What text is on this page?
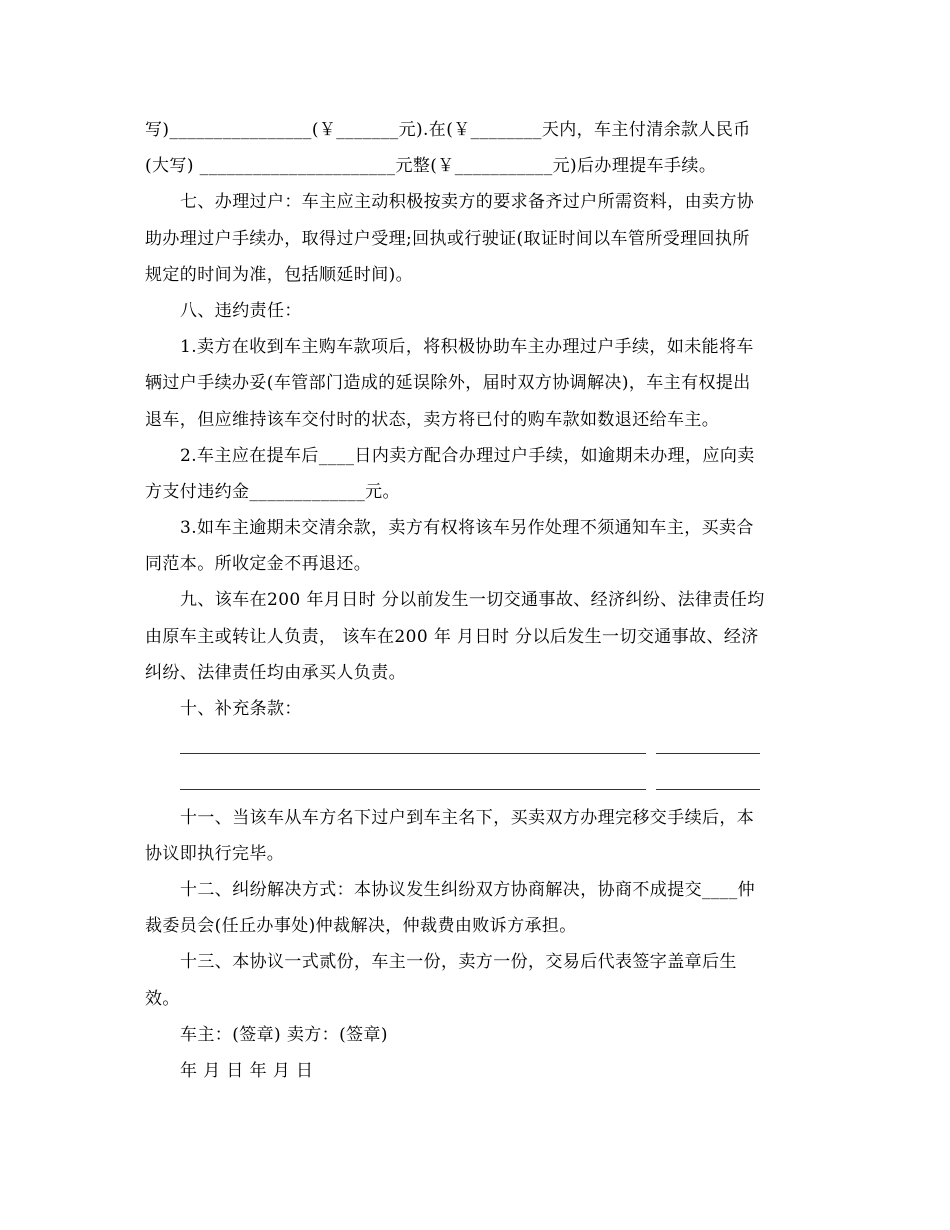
写)________________(￥_______元).在(￥________天内，车主付清余款人民币
(大写) ______________________元整(￥___________元)后办理提车手续。
七、办理过户：车主应主动积极按卖方的要求备齐过户所需资料，由卖方协
助办理过户手续办，取得过户受理;回执或行驶证(取证时间以车管所受理回执所
规定的时间为准，包括顺延时间)。
八、违约责任：
1.卖方在收到车主购车款项后，将积极协助车主办理过户手续，如未能将车
辆过户手续办妥(车管部门造成的延误除外，届时双方协调解决)，车主有权提出
退车，但应维持该车交付时的状态，卖方将已付的购车款如数退还给车主。
2.车主应在提车后____日内卖方配合办理过户手续，如逾期未办理，应向卖
方支付违约金_____________元。
3.如车主逾期未交清余款，卖方有权将该车另作处理不须通知车主，买卖合
同范本。所收定金不再退还。
九、该车在200 年月日时 分以前发生一切交通事故、经济纠纷、法律责任均
由原车主或转让人负责， 该车在200 年 月日时 分以后发生一切交通事故、经济
纠纷、法律责任均由承买人负责。
十、补充条款：
十一、当该车从车方名下过户到车主名下，买卖双方办理完移交手续后，本
协议即执行完毕。
十二、纠纷解决方式：本协议发生纠纷双方协商解决，协商不成提交____仲
裁委员会(任丘办事处)仲裁解决，仲裁费由败诉方承担。
十三、本协议一式贰份，车主一份，卖方一份，交易后代表签字盖章后生
效。
车主：(签章) 卖方：(签章)
年 月 日 年 月 日
